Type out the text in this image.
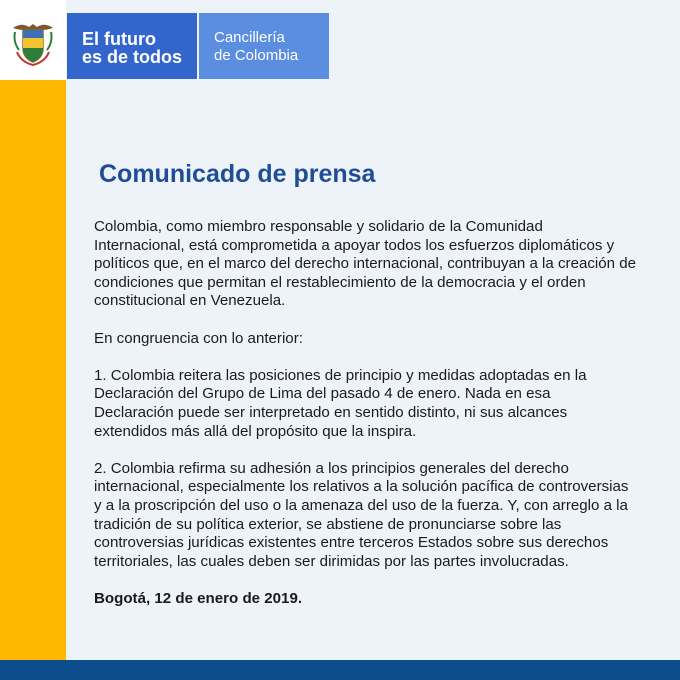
El futuro
es de todos
Cancillería
de Colombia
Comunicado de prensa

Colombia, como miembro responsable y solidario de la Comunidad
Internacional, está comprometida a apoyar todos los esfuerzos diplomáticos y
políticos que, en el marco del derecho internacional, contribuyan a la creación de
condiciones que permitan el restablecimiento de la democracia y el orden
constitucional en Venezuela.

En congruencia con lo anterior:

1. Colombia reitera las posiciones de principio y medidas adoptadas en la
Declaración del Grupo de Lima del pasado 4 de enero. Nada en esa
Declaración puede ser interpretado en sentido distinto, ni sus alcances
extendidos más allá del propósito que la inspira.

2. Colombia refirma su adhesión a los principios generales del derecho
internacional, especialmente los relativos a la solución pacífica de controversias
y a la proscripción del uso o la amenaza del uso de la fuerza. Y, con arreglo a la
tradición de su política exterior, se abstiene de pronunciarse sobre las
controversias jurídicas existentes entre terceros Estados sobre sus derechos
territoriales, las cuales deben ser dirimidas por las partes involucradas.

Bogotá, 12 de enero de 2019.
